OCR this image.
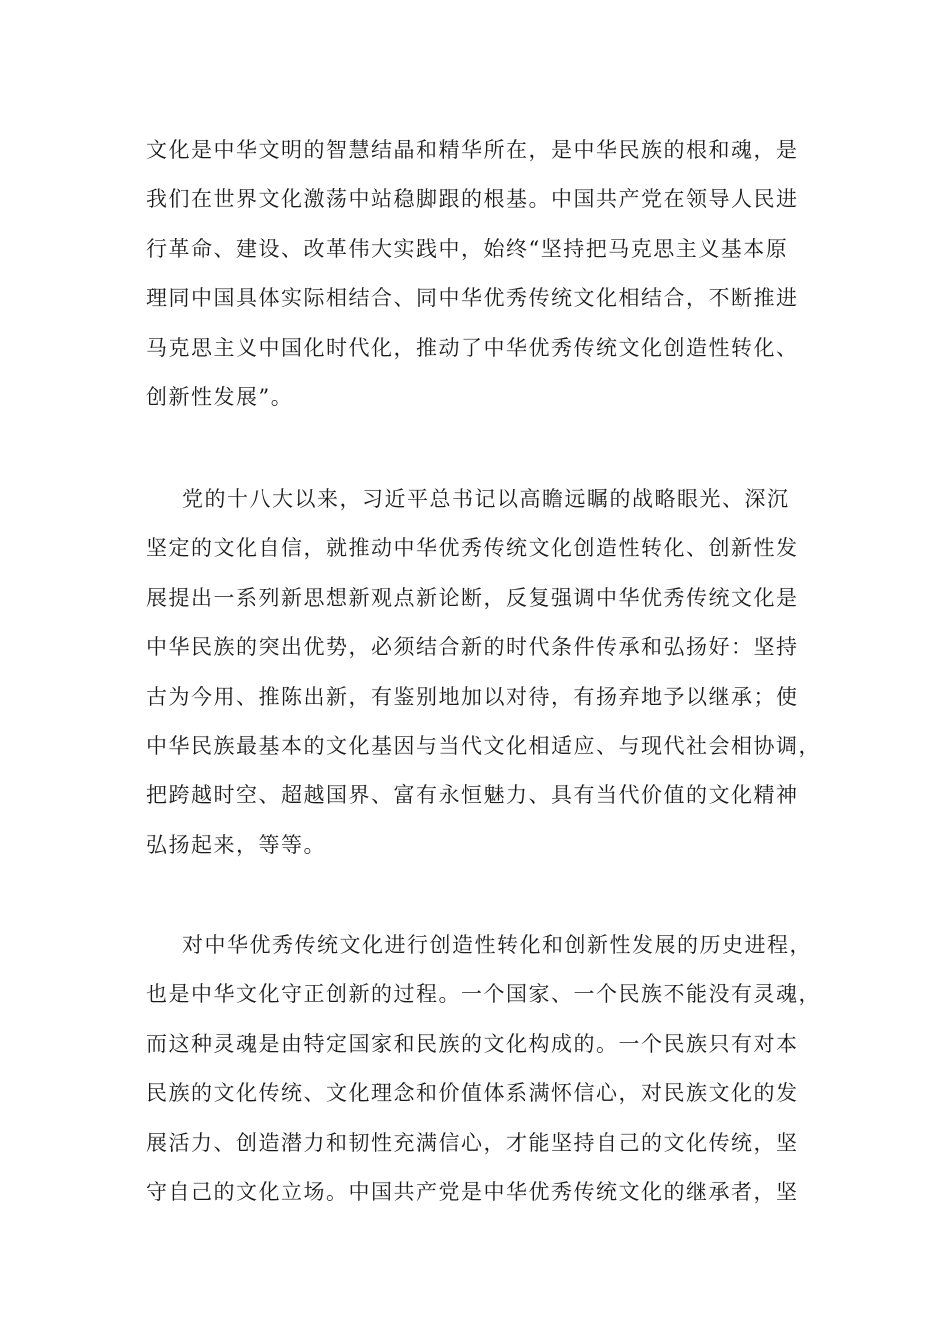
文化是中华文明的智慧结晶和精华所在，是中华民族的根和魂，是
我们在世界文化激荡中站稳脚跟的根基。中国共产党在领导人民进
行革命、建设、改革伟大实践中，始终“坚持把马克思主义基本原
理同中国具体实际相结合、同中华优秀传统文化相结合，不断推进
马克思主义中国化时代化，推动了中华优秀传统文化创造性转化、
创新性发展”。
党的十八大以来，习近平总书记以高瞻远瞩的战略眼光、深沉
坚定的文化自信，就推动中华优秀传统文化创造性转化、创新性发
展提出一系列新思想新观点新论断，反复强调中华优秀传统文化是
中华民族的突出优势，必须结合新的时代条件传承和弘扬好：坚持
古为今用、推陈出新，有鉴别地加以对待，有扬弃地予以继承；使
中华民族最基本的文化基因与当代文化相适应、与现代社会相协调，
把跨越时空、超越国界、富有永恒魅力、具有当代价值的文化精神
弘扬起来，等等。
对中华优秀传统文化进行创造性转化和创新性发展的历史进程，
也是中华文化守正创新的过程。一个国家、一个民族不能没有灵魂，
而这种灵魂是由特定国家和民族的文化构成的。一个民族只有对本
民族的文化传统、文化理念和价值体系满怀信心，对民族文化的发
展活力、创造潜力和韧性充满信心，才能坚持自己的文化传统，坚
守自己的文化立场。中国共产党是中华优秀传统文化的继承者，坚
